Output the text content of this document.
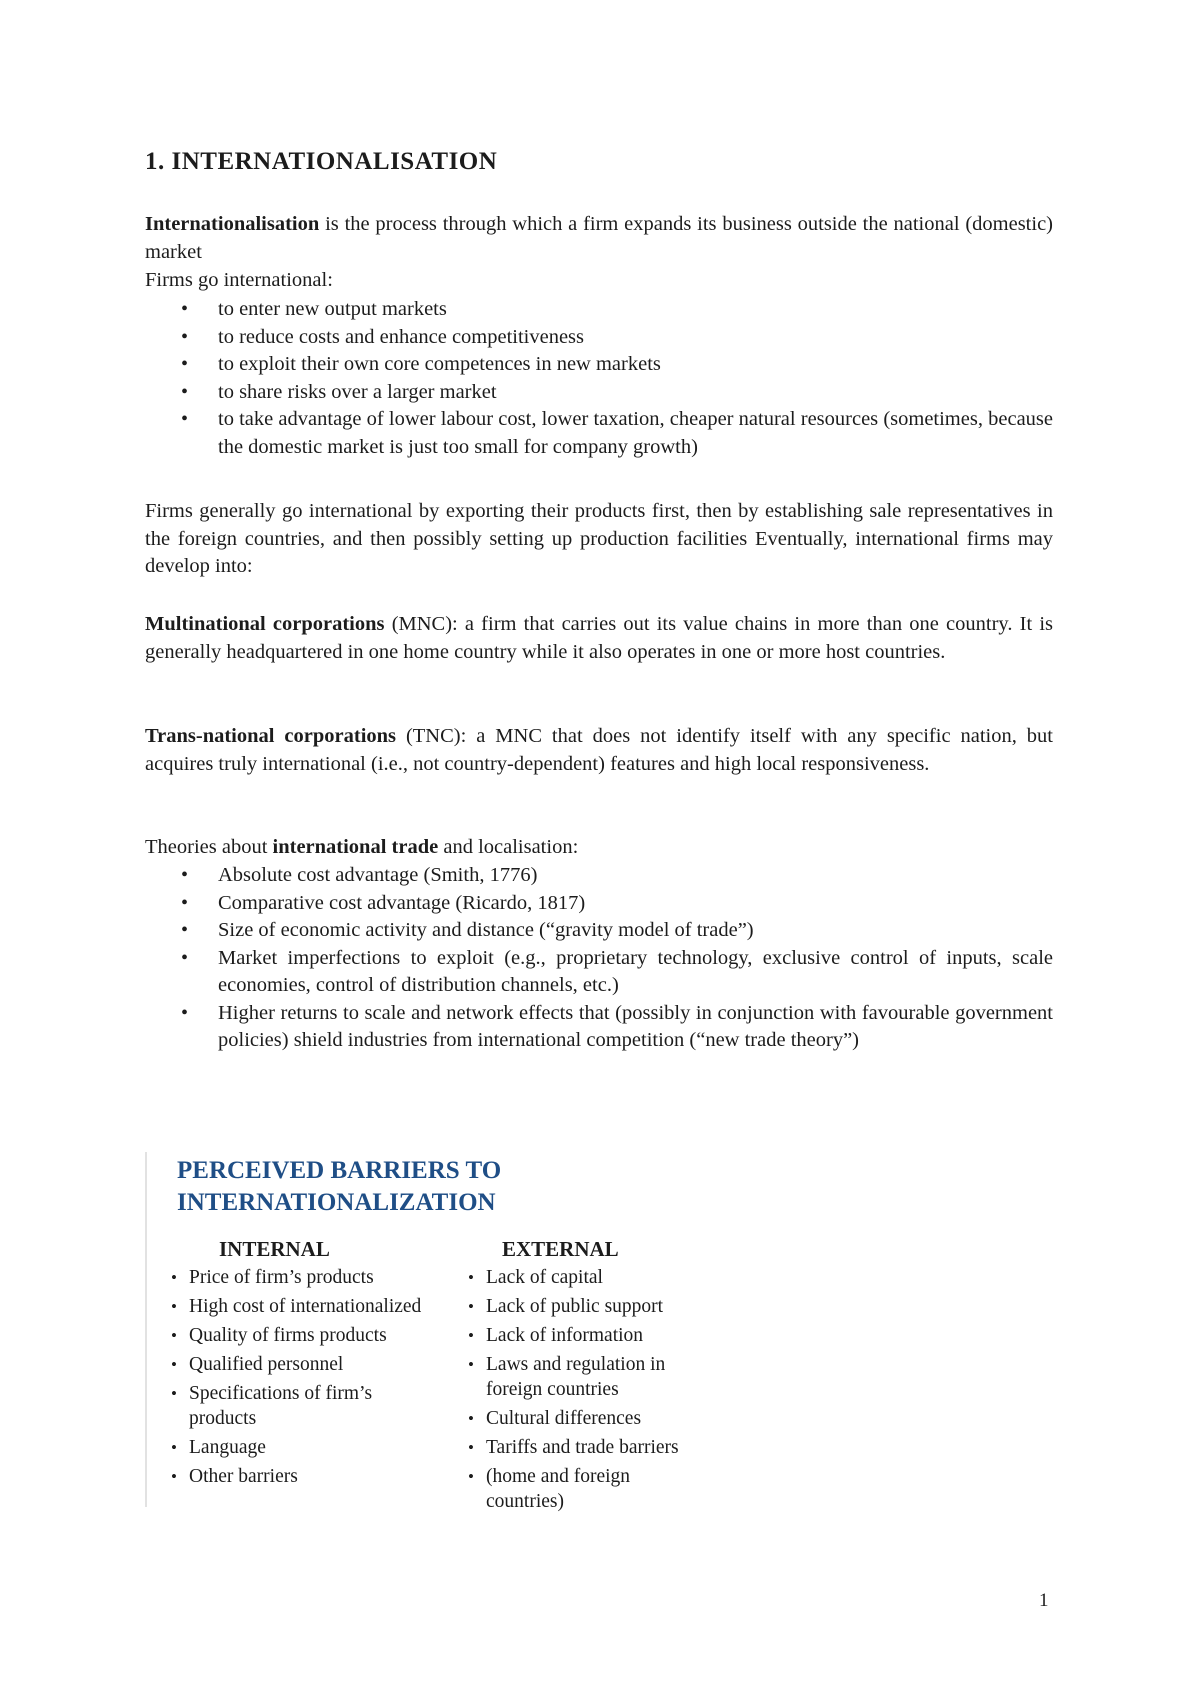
1. INTERNATIONALISATION

Internationalisation is the process through which a firm expands its business outside the national (domestic) market

Firms go international:

• to enter new output markets
• to reduce costs and enhance competitiveness
• to exploit their own core competences in new markets
• to share risks over a larger market
• to take advantage of lower labour cost, lower taxation, cheaper natural resources (sometimes, because the domestic market is just too small for company growth)

Firms generally go international by exporting their products first, then by establishing sale representatives in the foreign countries, and then possibly setting up production facilities Eventually, international firms may develop into:

Multinational corporations (MNC): a firm that carries out its value chains in more than one country. It is generally headquartered in one home country while it also operates in one or more host countries.

Trans-national corporations (TNC): a MNC that does not identify itself with any specific nation, but acquires truly international (i.e., not country-dependent) features and high local responsiveness.

Theories about international trade and localisation:

• Absolute cost advantage (Smith, 1776)
• Comparative cost advantage (Ricardo, 1817)
• Size of economic activity and distance (“gravity model of trade”)
• Market imperfections to exploit (e.g., proprietary technology, exclusive control of inputs, scale economies, control of distribution channels, etc.)
• Higher returns to scale and network effects that (possibly in conjunction with favourable government policies) shield industries from international competition (“new trade theory”)
PERCEIVED BARRIERS TO INTERNATIONALIZATION
INTERNAL
• Price of firm’s products
• High cost of internationalized
• Quality of firms products
• Qualified personnel
• Specifications of firm’s products
• Language
• Other barriers
EXTERNAL
• Lack of capital
• Lack of public support
• Lack of information
• Laws and regulation in foreign countries
• Cultural differences
• Tariffs and trade barriers
• (home and foreign countries)
1
